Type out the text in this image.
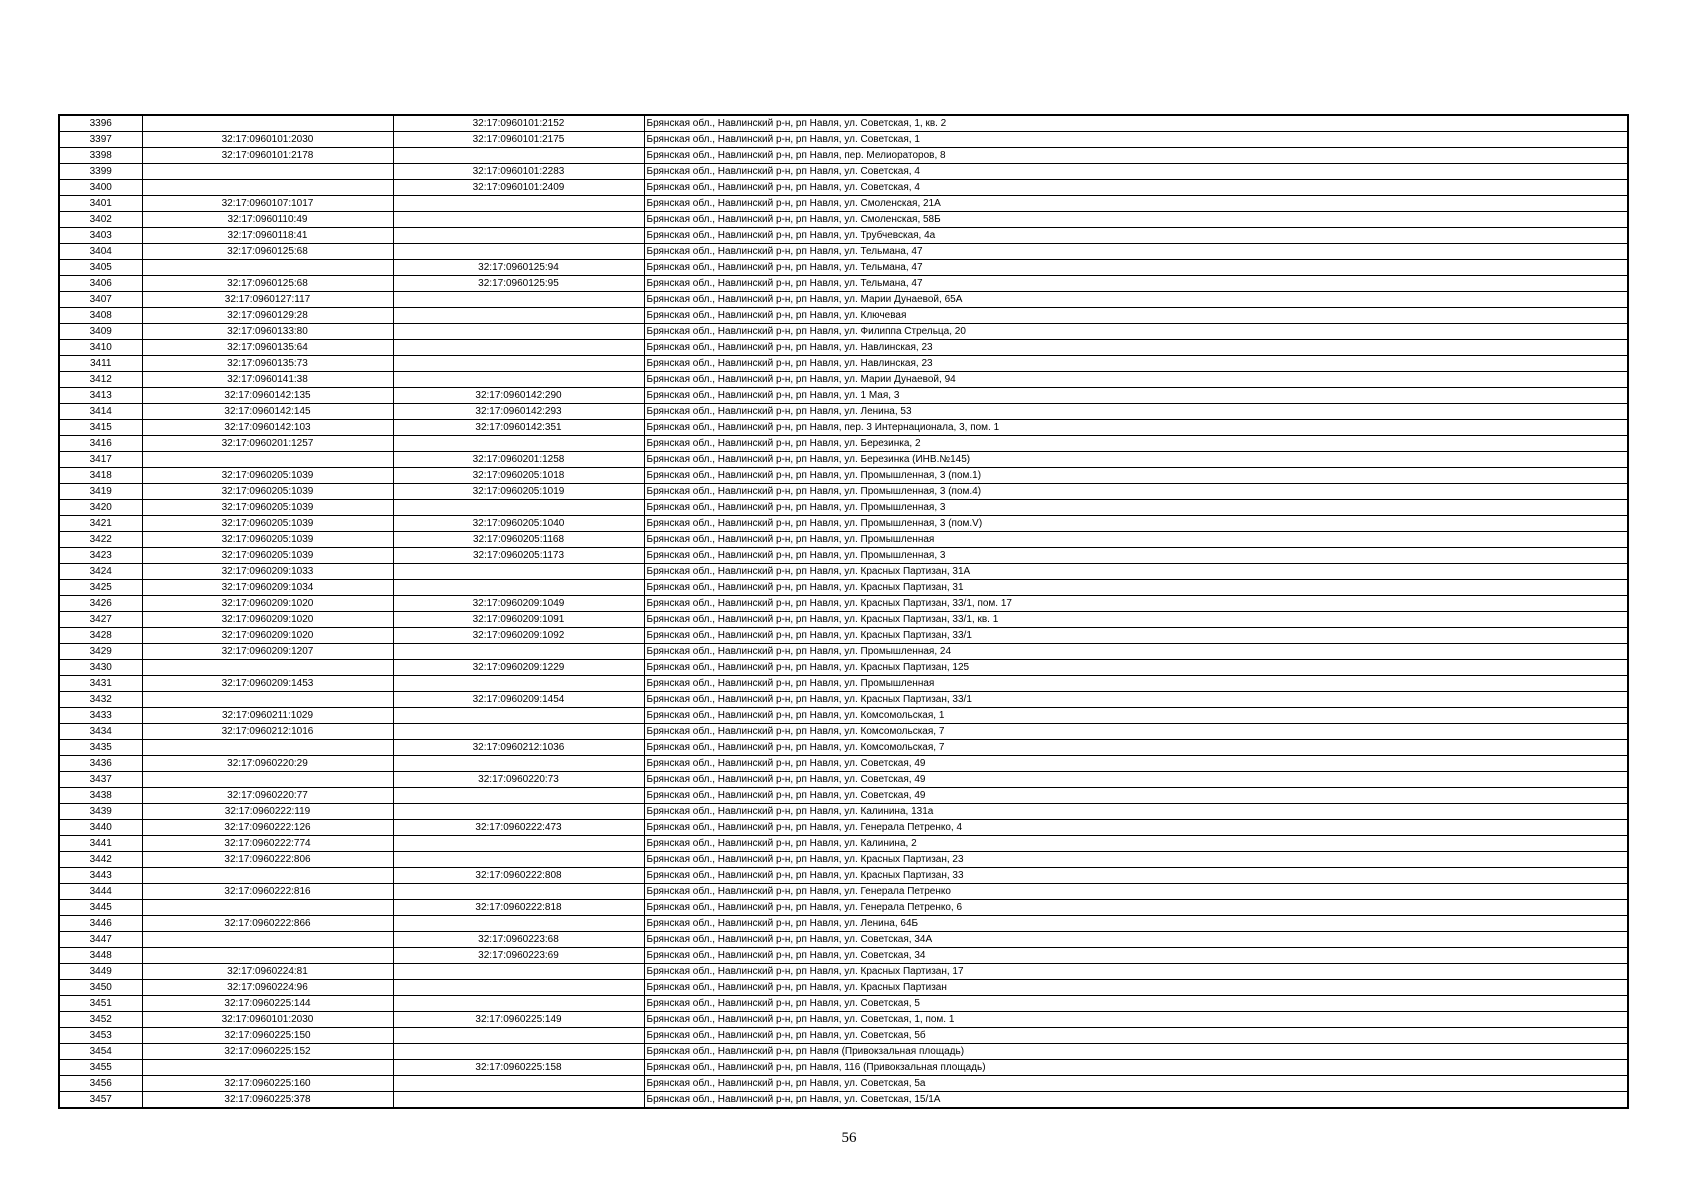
3396		32:17:0960101:2152	Брянская обл., Навлинский р-н, рп Навля, ул. Советская, 1, кв. 2
3397	32:17:0960101:2030	32:17:0960101:2175	Брянская обл., Навлинский р-н, рп Навля, ул. Советская, 1
3398	32:17:0960101:2178		Брянская обл., Навлинский р-н, рп Навля, пер. Мелиораторов, 8
3399		32:17:0960101:2283	Брянская обл., Навлинский р-н, рп Навля, ул. Советская, 4
3400		32:17:0960101:2409	Брянская обл., Навлинский р-н, рп Навля, ул. Советская, 4
3401	32:17:0960107:1017		Брянская обл., Навлинский р-н, рп Навля, ул. Смоленская, 21А
3402	32:17:0960110:49		Брянская обл., Навлинский р-н, рп Навля, ул. Смоленская, 58Б
3403	32:17:0960118:41		Брянская обл., Навлинский р-н, рп Навля, ул. Трубчевская, 4а
3404	32:17:0960125:68		Брянская обл., Навлинский р-н, рп Навля, ул. Тельмана, 47
3405		32:17:0960125:94	Брянская обл., Навлинский р-н, рп Навля, ул. Тельмана, 47
3406	32:17:0960125:68	32:17:0960125:95	Брянская обл., Навлинский р-н, рп Навля, ул. Тельмана, 47
3407	32:17:0960127:117		Брянская обл., Навлинский р-н, рп Навля, ул. Марии Дунаевой, 65А
3408	32:17:0960129:28		Брянская обл., Навлинский р-н, рп Навля, ул. Ключевая
3409	32:17:0960133:80		Брянская обл., Навлинский р-н, рп Навля, ул. Филиппа Стрельца, 20
3410	32:17:0960135:64		Брянская обл., Навлинский р-н, рп Навля, ул. Навлинская, 23
3411	32:17:0960135:73		Брянская обл., Навлинский р-н, рп Навля, ул. Навлинская, 23
3412	32:17:0960141:38		Брянская обл., Навлинский р-н, рп Навля, ул. Марии Дунаевой, 94
3413	32:17:0960142:135	32:17:0960142:290	Брянская обл., Навлинский р-н, рп Навля, ул. 1 Мая, 3
3414	32:17:0960142:145	32:17:0960142:293	Брянская обл., Навлинский р-н, рп Навля, ул. Ленина, 53
3415	32:17:0960142:103	32:17:0960142:351	Брянская обл., Навлинский р-н, рп Навля, пер. 3 Интернационала, 3, пом. 1
3416	32:17:0960201:1257		Брянская обл., Навлинский р-н, рп Навля, ул. Березинка, 2
3417		32:17:0960201:1258	Брянская обл., Навлинский р-н, рп Навля, ул. Березинка (ИНВ.№145)
3418	32:17:0960205:1039	32:17:0960205:1018	Брянская обл., Навлинский р-н, рп Навля, ул. Промышленная, 3 (пом.1)
3419	32:17:0960205:1039	32:17:0960205:1019	Брянская обл., Навлинский р-н, рп Навля, ул. Промышленная, 3 (пом.4)
3420	32:17:0960205:1039		Брянская обл., Навлинский р-н, рп Навля, ул. Промышленная, 3
3421	32:17:0960205:1039	32:17:0960205:1040	Брянская обл., Навлинский р-н, рп Навля, ул. Промышленная, 3 (пом.V)
3422	32:17:0960205:1039	32:17:0960205:1168	Брянская обл., Навлинский р-н, рп Навля, ул. Промышленная
3423	32:17:0960205:1039	32:17:0960205:1173	Брянская обл., Навлинский р-н, рп Навля, ул. Промышленная, 3
3424	32:17:0960209:1033		Брянская обл., Навлинский р-н, рп Навля, ул. Красных Партизан, 31А
3425	32:17:0960209:1034		Брянская обл., Навлинский р-н, рп Навля, ул. Красных Партизан, 31
3426	32:17:0960209:1020	32:17:0960209:1049	Брянская обл., Навлинский р-н, рп Навля, ул. Красных Партизан, 33/1, пом. 17
3427	32:17:0960209:1020	32:17:0960209:1091	Брянская обл., Навлинский р-н, рп Навля, ул. Красных Партизан, 33/1, кв. 1
3428	32:17:0960209:1020	32:17:0960209:1092	Брянская обл., Навлинский р-н, рп Навля, ул. Красных Партизан, 33/1
3429	32:17:0960209:1207		Брянская обл., Навлинский р-н, рп Навля, ул. Промышленная, 24
3430		32:17:0960209:1229	Брянская обл., Навлинский р-н, рп Навля, ул. Красных Партизан, 125
3431	32:17:0960209:1453		Брянская обл., Навлинский р-н, рп Навля, ул. Промышленная
3432		32:17:0960209:1454	Брянская обл., Навлинский р-н, рп Навля, ул. Красных Партизан, 33/1
3433	32:17:0960211:1029		Брянская обл., Навлинский р-н, рп Навля, ул. Комсомольская, 1
3434	32:17:0960212:1016		Брянская обл., Навлинский р-н, рп Навля, ул. Комсомольская, 7
3435		32:17:0960212:1036	Брянская обл., Навлинский р-н, рп Навля, ул. Комсомольская, 7
3436	32:17:0960220:29		Брянская обл., Навлинский р-н, рп Навля, ул. Советская, 49
3437		32:17:0960220:73	Брянская обл., Навлинский р-н, рп Навля, ул. Советская, 49
3438	32:17:0960220:77		Брянская обл., Навлинский р-н, рп Навля, ул. Советская, 49
3439	32:17:0960222:119		Брянская обл., Навлинский р-н, рп Навля, ул. Калинина, 131а
3440	32:17:0960222:126	32:17:0960222:473	Брянская обл., Навлинский р-н, рп Навля, ул. Генерала Петренко, 4
3441	32:17:0960222:774		Брянская обл., Навлинский р-н, рп Навля, ул. Калинина, 2
3442	32:17:0960222:806		Брянская обл., Навлинский р-н, рп Навля, ул. Красных Партизан, 23
3443		32:17:0960222:808	Брянская обл., Навлинский р-н, рп Навля, ул. Красных Партизан, 33
3444	32:17:0960222:816		Брянская обл., Навлинский р-н, рп Навля, ул. Генерала Петренко
3445		32:17:0960222:818	Брянская обл., Навлинский р-н, рп Навля, ул. Генерала Петренко, 6
3446	32:17:0960222:866		Брянская обл., Навлинский р-н, рп Навля, ул. Ленина, 64Б
3447		32:17:0960223:68	Брянская обл., Навлинский р-н, рп Навля, ул. Советская, 34А
3448		32:17:0960223:69	Брянская обл., Навлинский р-н, рп Навля, ул. Советская, 34
3449	32:17:0960224:81		Брянская обл., Навлинский р-н, рп Навля, ул. Красных Партизан, 17
3450	32:17:0960224:96		Брянская обл., Навлинский р-н, рп Навля, ул. Красных Партизан
3451	32:17:0960225:144		Брянская обл., Навлинский р-н, рп Навля, ул. Советская, 5
3452	32:17:0960101:2030	32:17:0960225:149	Брянская обл., Навлинский р-н, рп Навля, ул. Советская, 1, пом. 1
3453	32:17:0960225:150		Брянская обл., Навлинский р-н, рп Навля, ул. Советская, 5б
3454	32:17:0960225:152		Брянская обл., Навлинский р-н, рп Навля (Привокзальная площадь)
3455		32:17:0960225:158	Брянская обл., Навлинский р-н, рп Навля, 116 (Привокзальная площадь)
3456	32:17:0960225:160		Брянская обл., Навлинский р-н, рп Навля, ул. Советская, 5а
3457	32:17:0960225:378		Брянская обл., Навлинский р-н, рп Навля, ул. Советская, 15/1А
56
